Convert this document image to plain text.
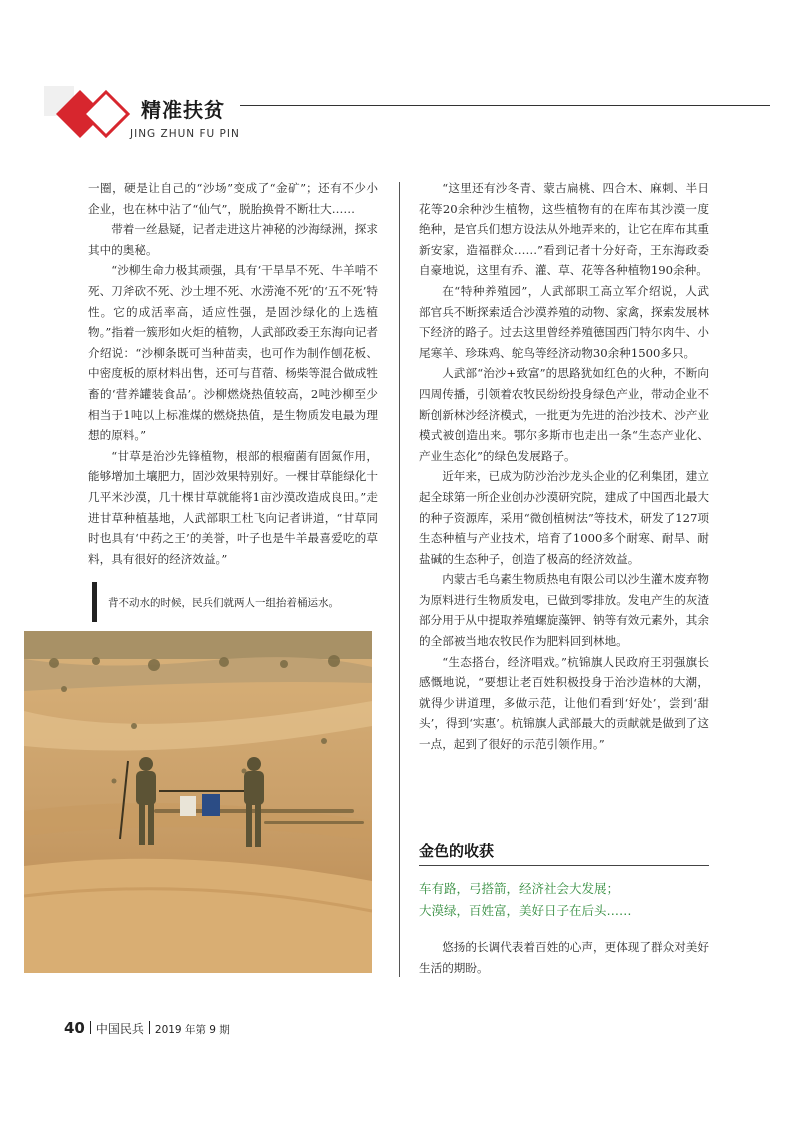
精准扶贫
JING ZHUN FU PIN

一圈，硬是让自己的“沙场”变成了“金矿”；还有不少小企业，也在林中沾了“仙气”，脱胎换骨不断壮大……

带着一丝悬疑，记者走进这片神秘的沙海绿洲，探求其中的奥秘。

“沙柳生命力极其顽强，具有‘干旱旱不死、牛羊啃不死、刀斧砍不死、沙土埋不死、水涝淹不死’的‘五不死’特性。它的成活率高，适应性强，是固沙绿化的上选植物。”指着一簇形如火炬的植物，人武部政委王东海向记者介绍说：“沙柳条既可当种苗卖，也可作为制作刨花板、中密度板的原材料出售，还可与苜蓿、杨柴等混合做成牲畜的‘营养罐装食品’。沙柳燃烧热值较高，2吨沙柳至少相当于1吨以上标准煤的燃烧热值，是生物质发电最为理想的原料。”

“甘草是治沙先锋植物，根部的根瘤菌有固氮作用，能够增加土壤肥力，固沙效果特别好。一棵甘草能绿化十几平米沙漠，几十棵甘草就能将1亩沙漠改造成良田。”走进甘草种植基地，人武部职工杜飞向记者讲道，“甘草同时也具有‘中药之王’的美誉，叶子也是牛羊最喜爱吃的草料，具有很好的经济效益。”

背不动水的时候，民兵们就两人一组抬着桶运水。

“这里还有沙冬青、蒙古扁桃、四合木、麻刺、半日花等20余种沙生植物，这些植物有的在库布其沙漠一度绝种，是官兵们想方设法从外地弄来的，让它在库布其重新安家，造福群众……”看到记者十分好奇，王东海政委自豪地说，这里有乔、灌、草、花等各种植物190余种。

在“特种养殖园”，人武部职工高立军介绍说，人武部官兵不断探索适合沙漠养殖的动物、家禽，探索发展林下经济的路子。过去这里曾经养殖德国西门特尔肉牛、小尾寒羊、珍珠鸡、鸵鸟等经济动物30余种1500多只。

人武部“治沙+致富”的思路犹如红色的火种，不断向四周传播，引领着农牧民纷纷投身绿色产业，带动企业不断创新林沙经济模式，一批更为先进的治沙技术、沙产业模式被创造出来。鄂尔多斯市也走出一条“生态产业化、产业生态化”的绿色发展路子。

近年来，已成为防沙治沙龙头企业的亿利集团，建立起全球第一所企业创办沙漠研究院，建成了中国西北最大的种子资源库，采用“微创植树法”等技术，研发了127项生态种植与产业技术，培育了1000多个耐寒、耐旱、耐盐碱的生态种子，创造了极高的经济效益。

内蒙古毛乌素生物质热电有限公司以沙生灌木废弃物为原料进行生物质发电，已做到零排放。发电产生的灰渣部分用于从中提取养殖螺旋藻钾、钠等有效元素外，其余的全部被当地农牧民作为肥料回到林地。

“生态搭台，经济唱戏。”杭锦旗人民政府王羽强旗长感慨地说，“要想让老百姓积极投身于治沙造林的大潮，就得少讲道理，多做示范，让他们看到‘好处’，尝到‘甜头’，得到‘实惠’。杭锦旗人武部最大的贡献就是做到了这一点，起到了很好的示范引领作用。”

金色的收获
车有路，弓搭箭，经济社会大发展；
大漠绿，百姓富，美好日子在后头……
悠扬的长调代表着百姓的心声，更体现了群众对美好生活的期盼。
40 中国民兵 2019 年第 9 期
